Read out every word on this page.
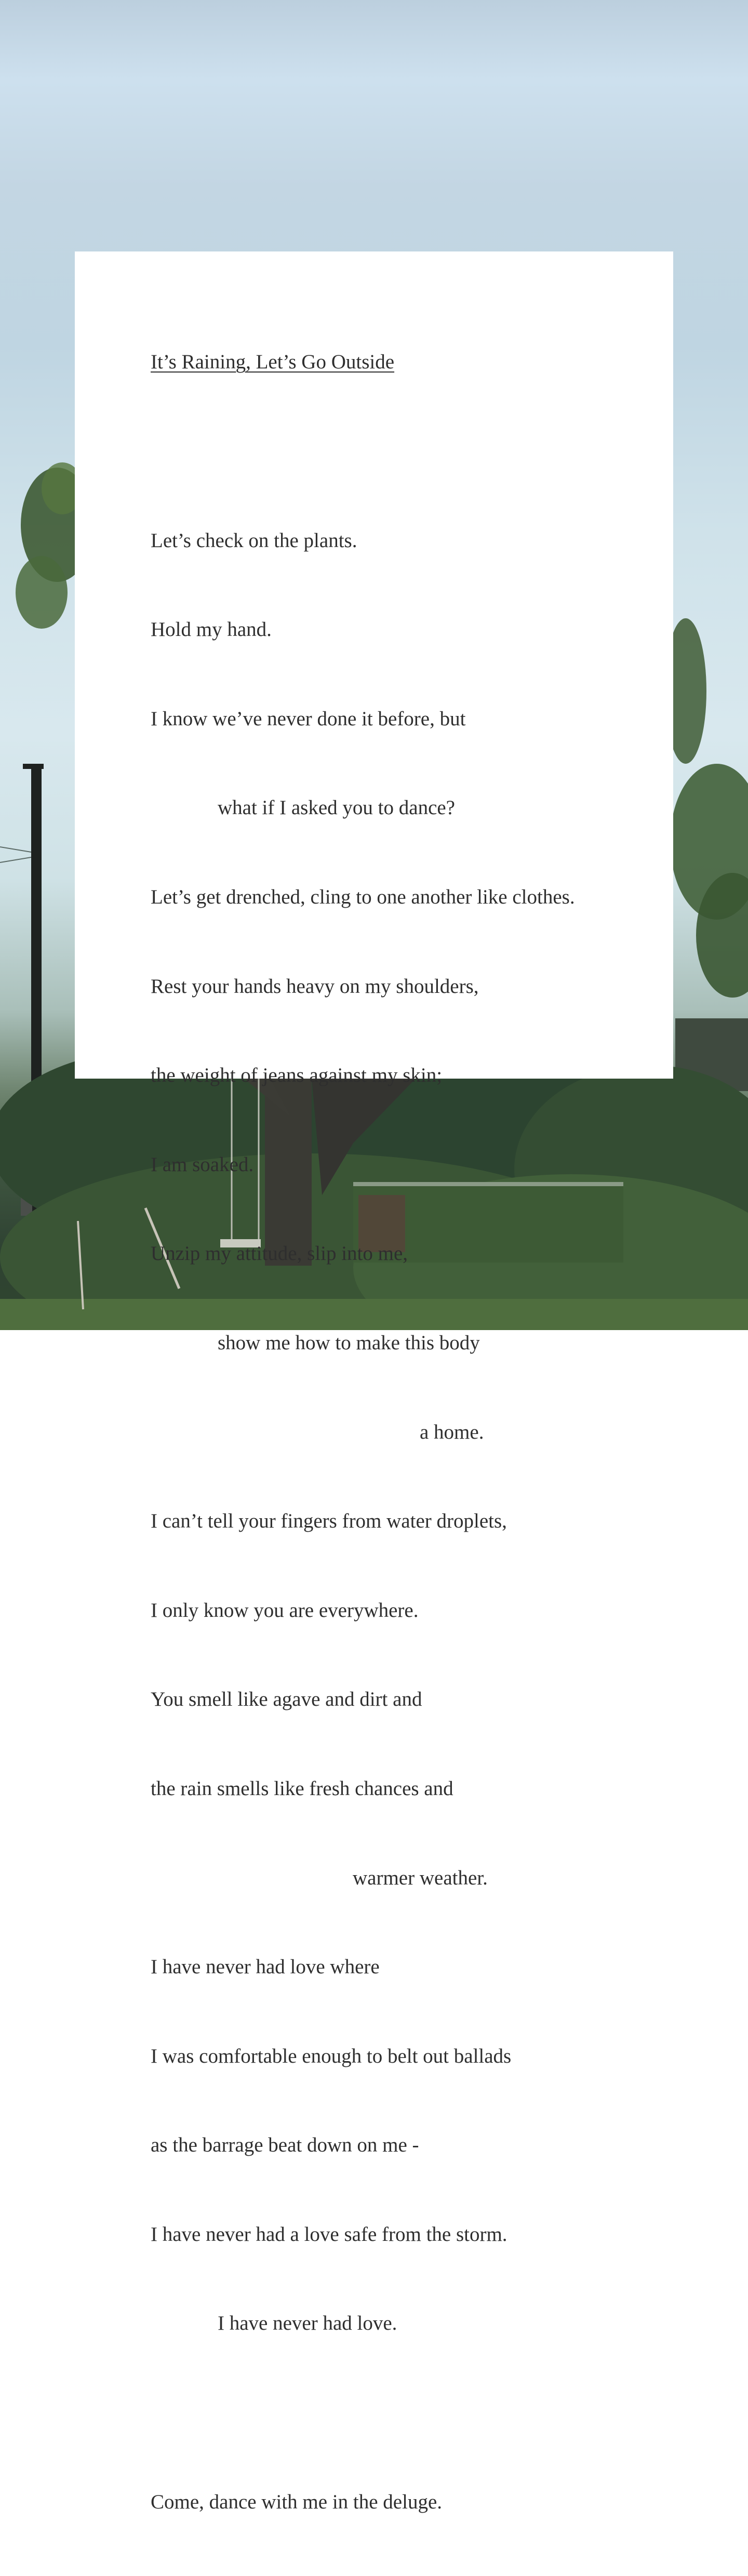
It’s Raining, Let’s Go Outside

Let’s check on the plants.

Hold my hand.

I know we’ve never done it before, but

what if I asked you to dance?

Let’s get drenched, cling to one another like clothes.

Rest your hands heavy on my shoulders,

the weight of jeans against my skin;

I am soaked.

Unzip my attitude, slip into me,

show me how to make this body

a home.

I can’t tell your fingers from water droplets,

I only know you are everywhere.

You smell like agave and dirt and

the rain smells like fresh chances and

warmer weather.

I have never had love where

I was comfortable enough to belt out ballads

as the barrage beat down on me -

I have never had a love safe from the storm.

I have never had love.

Come, dance with me in the deluge.
